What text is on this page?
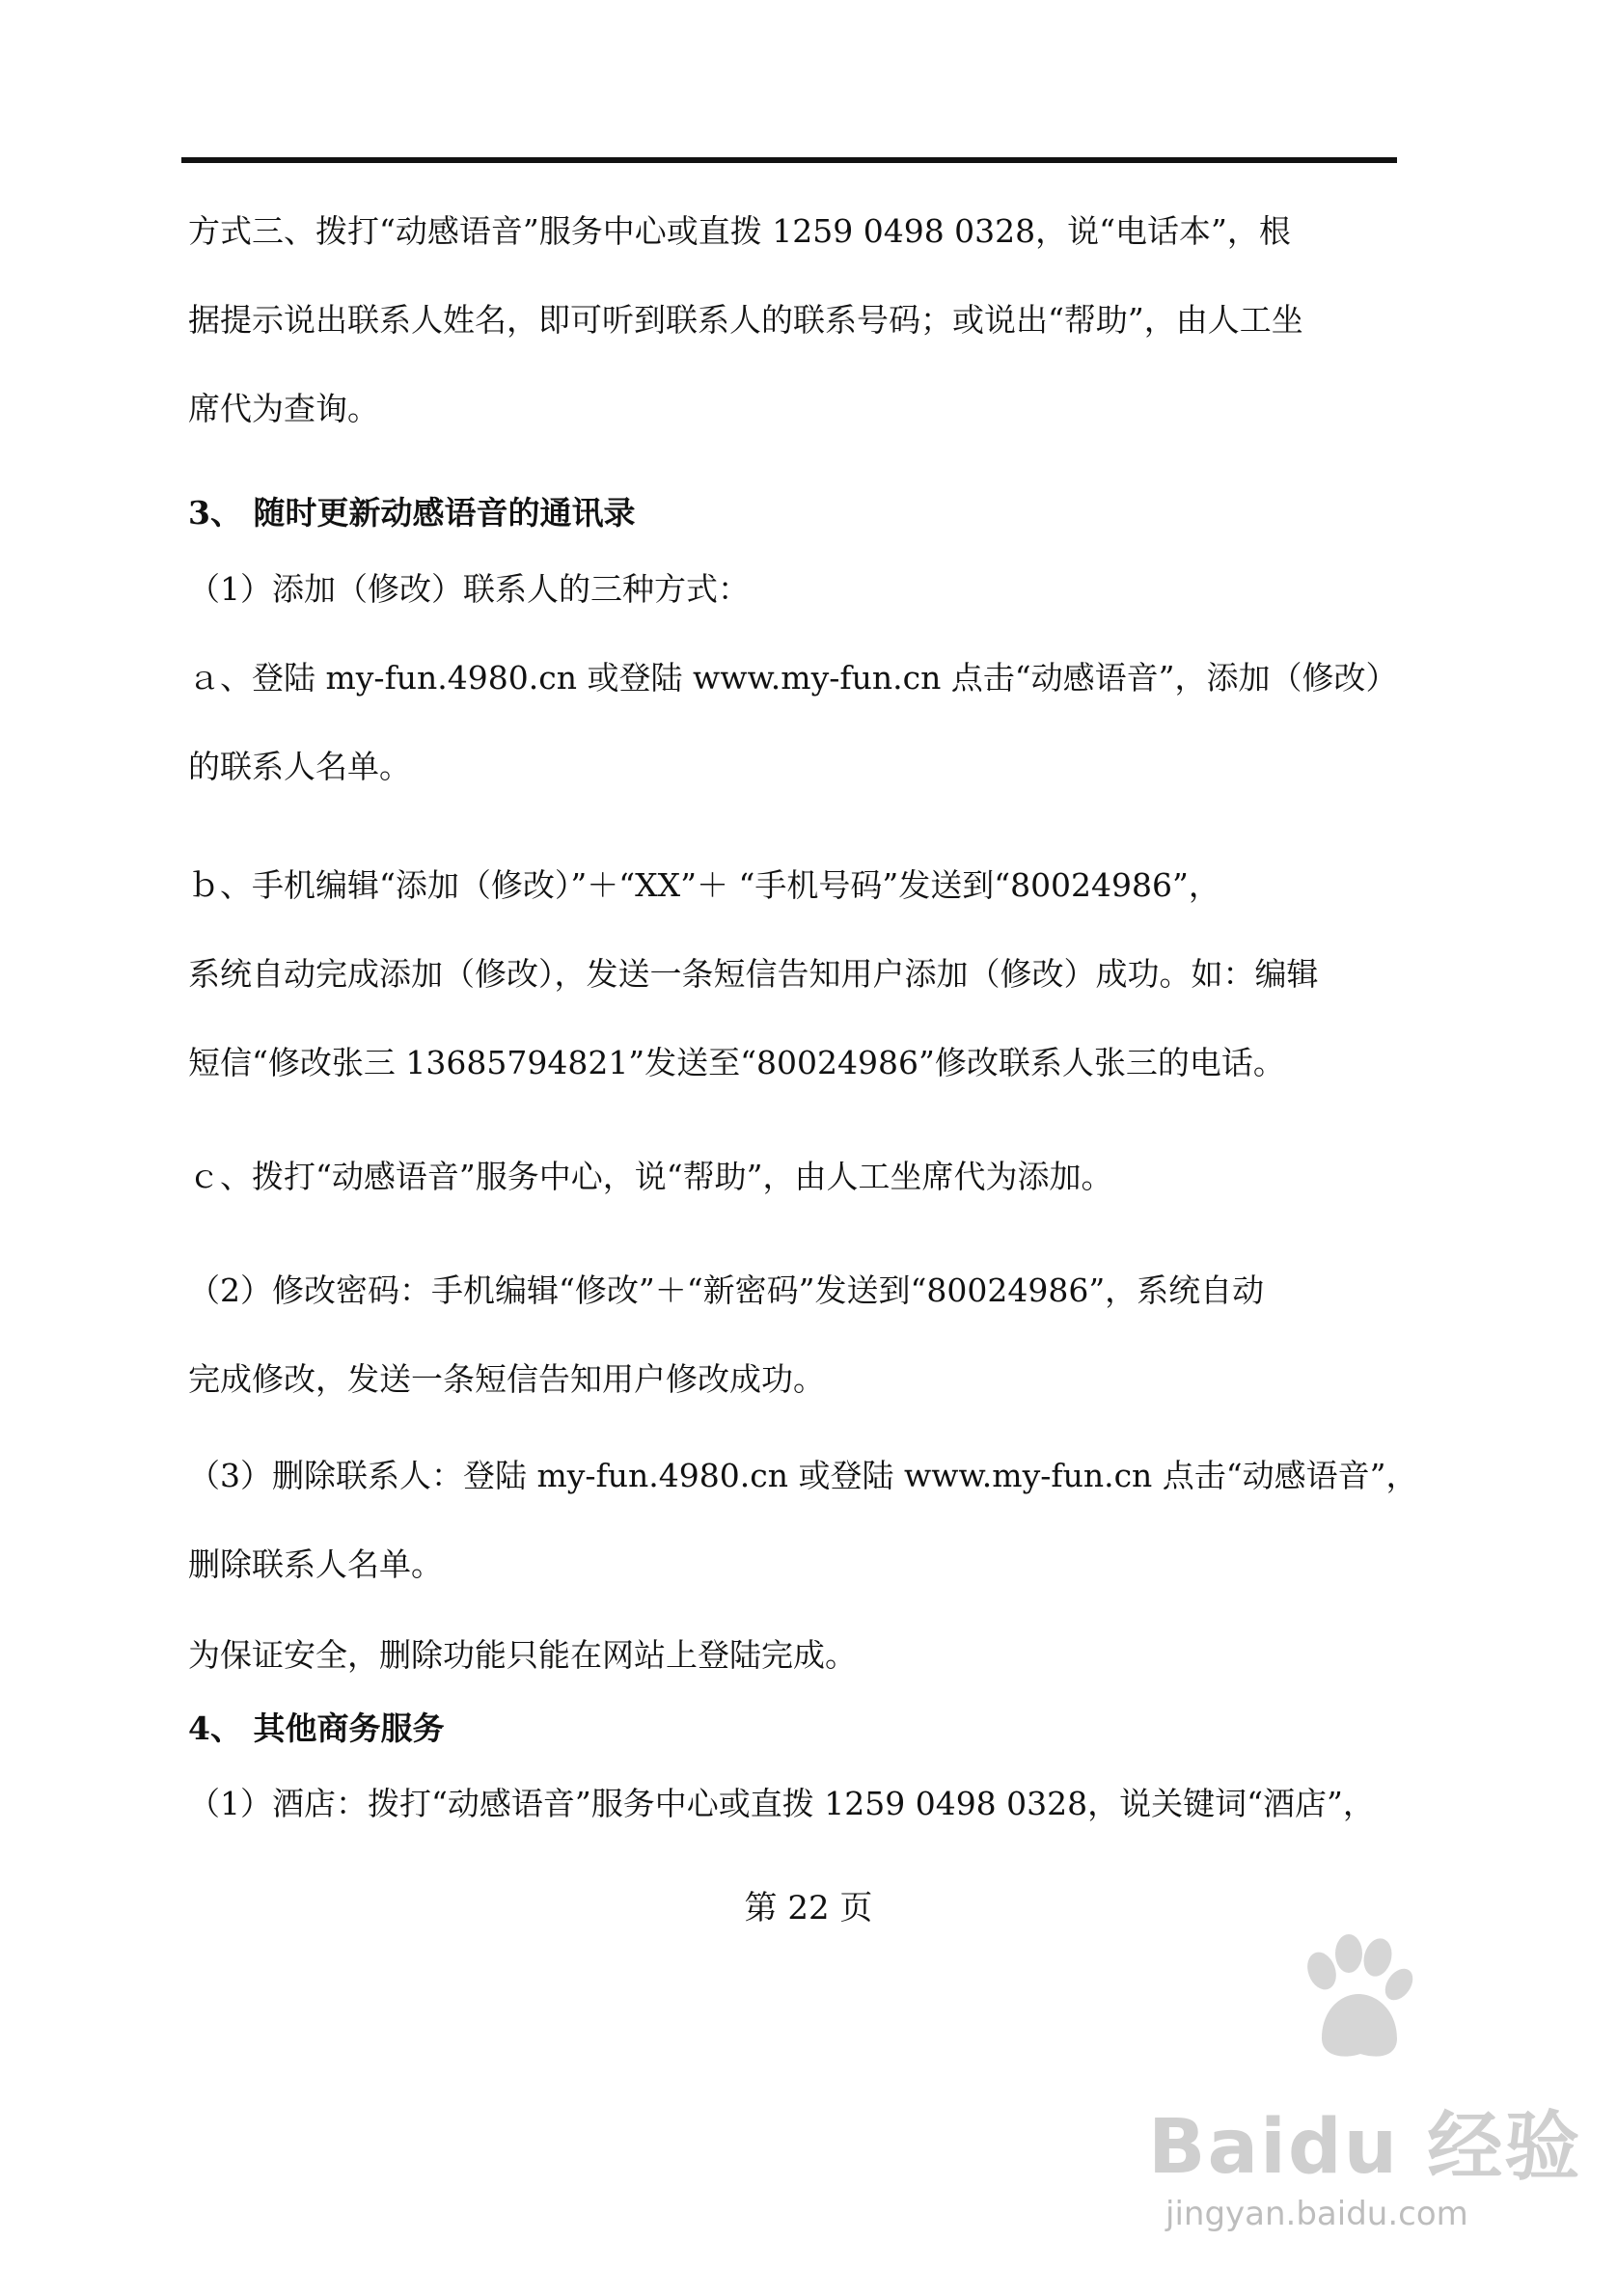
方式三、拨打“动感语音”服务中心或直拨 1259 0498 0328，说“电话本”，根
据提示说出联系人姓名，即可听到联系人的联系号码；或说出“帮助”，由人工坐
席代为查询。
3、 随时更新动感语音的通讯录
（1）添加（修改）联系人的三种方式：
ａ、登陆 my-fun.4980.cn 或登陆 www.my-fun.cn 点击“动感语音”，添加（修改）
的联系人名单。
ｂ、手机编辑“添加（修改）”＋“XX”＋ “手机号码”发送到“80024986”，
系统自动完成添加（修改），发送一条短信告知用户添加（修改）成功。如：编辑
短信“修改张三 13685794821”发送至“80024986”修改联系人张三的电话。
ｃ、拨打“动感语音”服务中心，说“帮助”，由人工坐席代为添加。
（2）修改密码：手机编辑“修改”＋“新密码”发送到“80024986”，系统自动
完成修改，发送一条短信告知用户修改成功。
（3）删除联系人：登陆 my-fun.4980.cn 或登陆 www.my-fun.cn 点击“动感语音”，
删除联系人名单。
为保证安全，删除功能只能在网站上登陆完成。
4、 其他商务服务
（1）酒店：拨打“动感语音”服务中心或直拨 1259 0498 0328，说关键词“酒店”，
第 22 页
Baidu 经验
jingyan.baidu.com
